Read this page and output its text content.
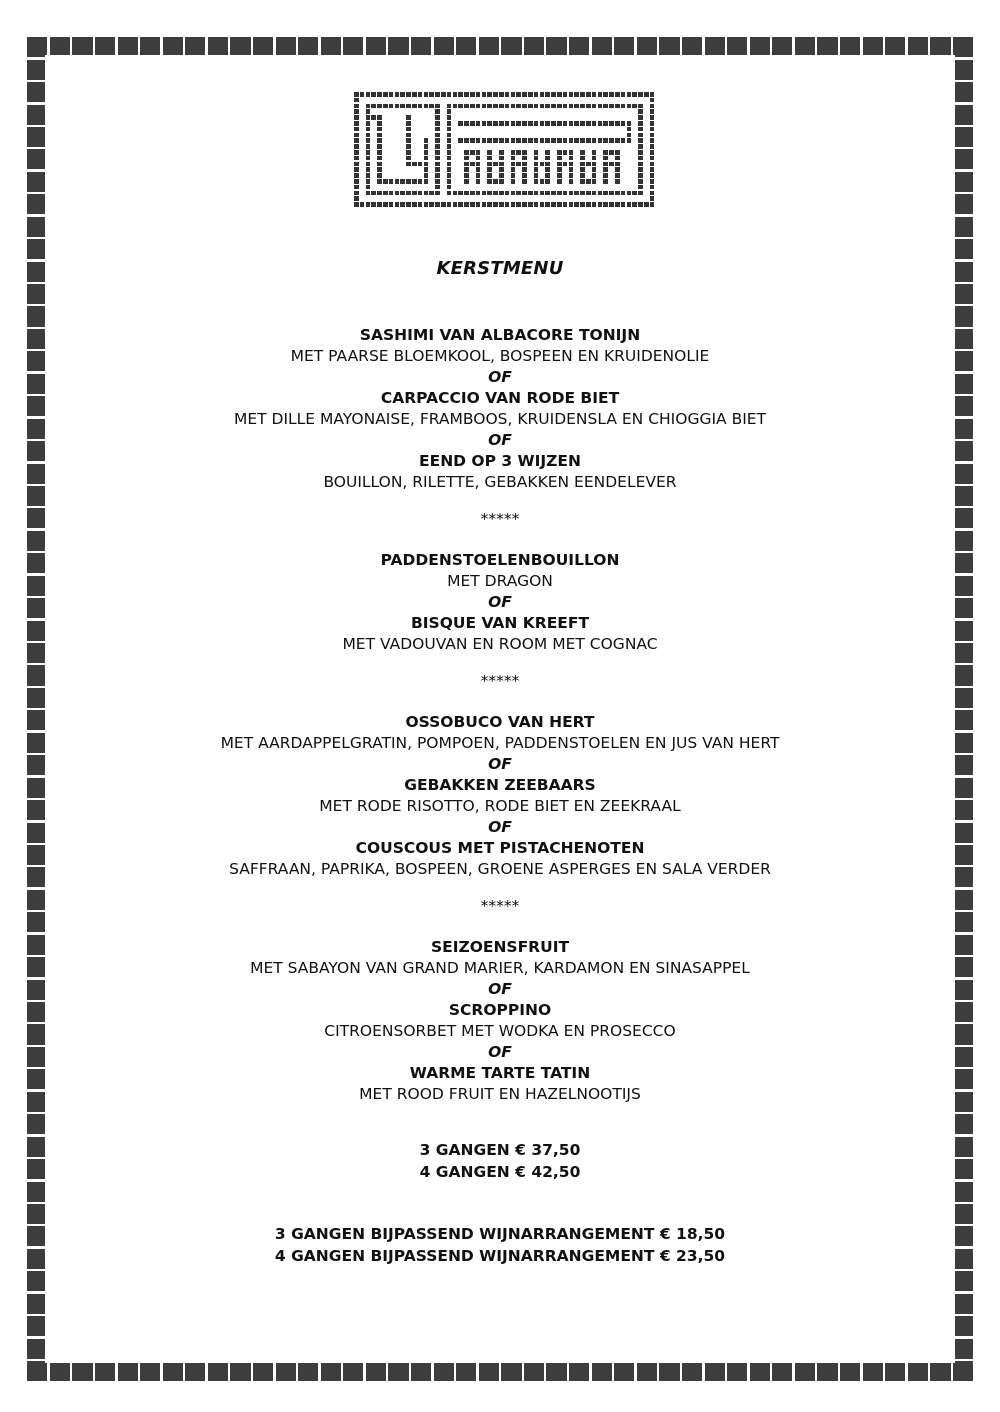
KERSTMENU
SASHIMI VAN ALBACORE TONIJN
MET PAARSE BLOEMKOOL, BOSPEEN EN KRUIDENOLIE
OF
CARPACCIO VAN RODE BIET
MET DILLE MAYONAISE, FRAMBOOS, KRUIDENSLA EN CHIOGGIA BIET
OF
EEND OP 3 WIJZEN
BOUILLON, RILETTE, GEBAKKEN EENDELEVER
*****
PADDENSTOELENBOUILLON
MET DRAGON
OF
BISQUE VAN KREEFT
MET VADOUVAN EN ROOM MET COGNAC
*****
OSSOBUCO VAN HERT
MET AARDAPPELGRATIN, POMPOEN, PADDENSTOELEN EN JUS VAN HERT
OF
GEBAKKEN ZEEBAARS
MET RODE RISOTTO, RODE BIET EN ZEEKRAAL
OF
COUSCOUS MET PISTACHENOTEN
SAFFRAAN, PAPRIKA, BOSPEEN, GROENE ASPERGES EN SALA VERDER
*****
SEIZOENSFRUIT
MET SABAYON VAN GRAND MARIER, KARDAMON EN SINASAPPEL
OF
SCROPPINO
CITROENSORBET MET WODKA EN PROSECCO
OF
WARME TARTE TATIN
MET ROOD FRUIT EN HAZELNOOTIJS
3 GANGEN € 37,50
4 GANGEN € 42,50
3 GANGEN BIJPASSEND WIJNARRANGEMENT € 18,50
4 GANGEN BIJPASSEND WIJNARRANGEMENT € 23,50
